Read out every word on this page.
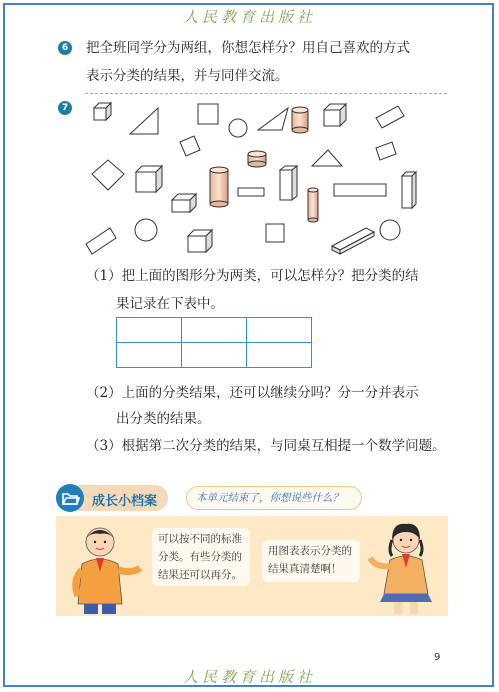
人民教育出版社
6 把全班同学分为两组，你想怎样分？用自己喜欢的方式
表示分类的结果，并与同伴交流。
7
（1）把上面的图形分为两类，可以怎样分？把分类的结
果记录在下表中。

（2）上面的分类结果，还可以继续分吗？分一分并表示
出分类的结果。
（3）根据第二次分类的结果，与同桌互相提一个数学问题。
成长小档案	本单元结束了，你想说些什么？
可以按不同的标准
分类。有些分类的
结果还可以再分。
用图表表示分类的
结果真清楚啊！
9
人民教育出版社
